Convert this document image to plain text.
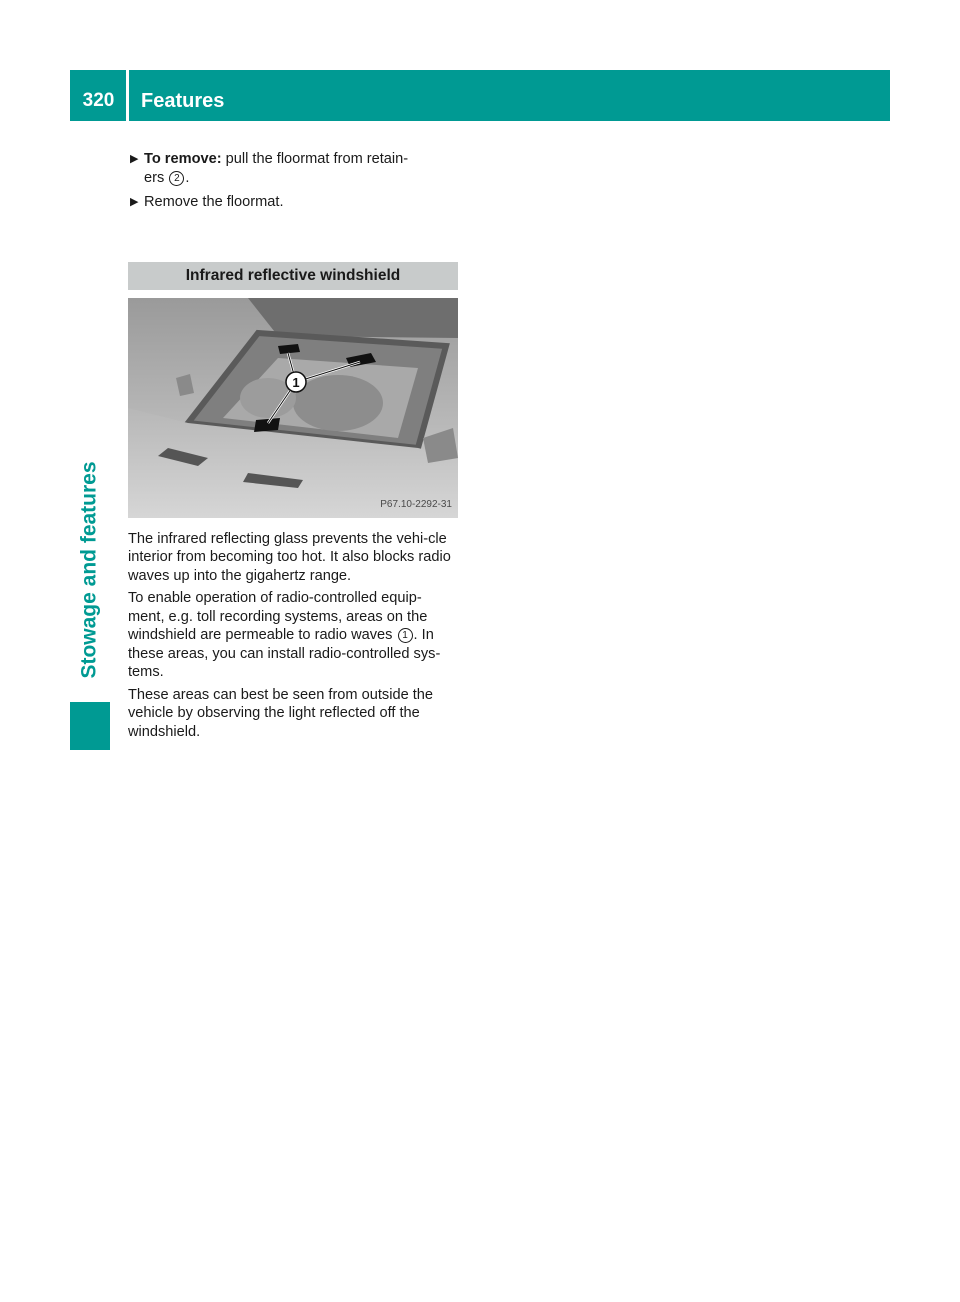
320	Features
Stowage and features
▶ To remove: pull the floormat from retain-
ers 2 .
▶ Remove the floormat.
Infrared reflective windshield
1
P67.10-2292-31

The infrared reflecting glass prevents the vehi-cle interior from becoming too hot. It also blocks radio waves up into the gigahertz range.

To enable operation of radio-controlled equip-ment, e.g. toll recording systems, areas on the windshield are permeable to radio waves 1 . In these areas, you can install radio-controlled sys-tems.

These areas can best be seen from outside the vehicle by observing the light reflected off the windshield.
